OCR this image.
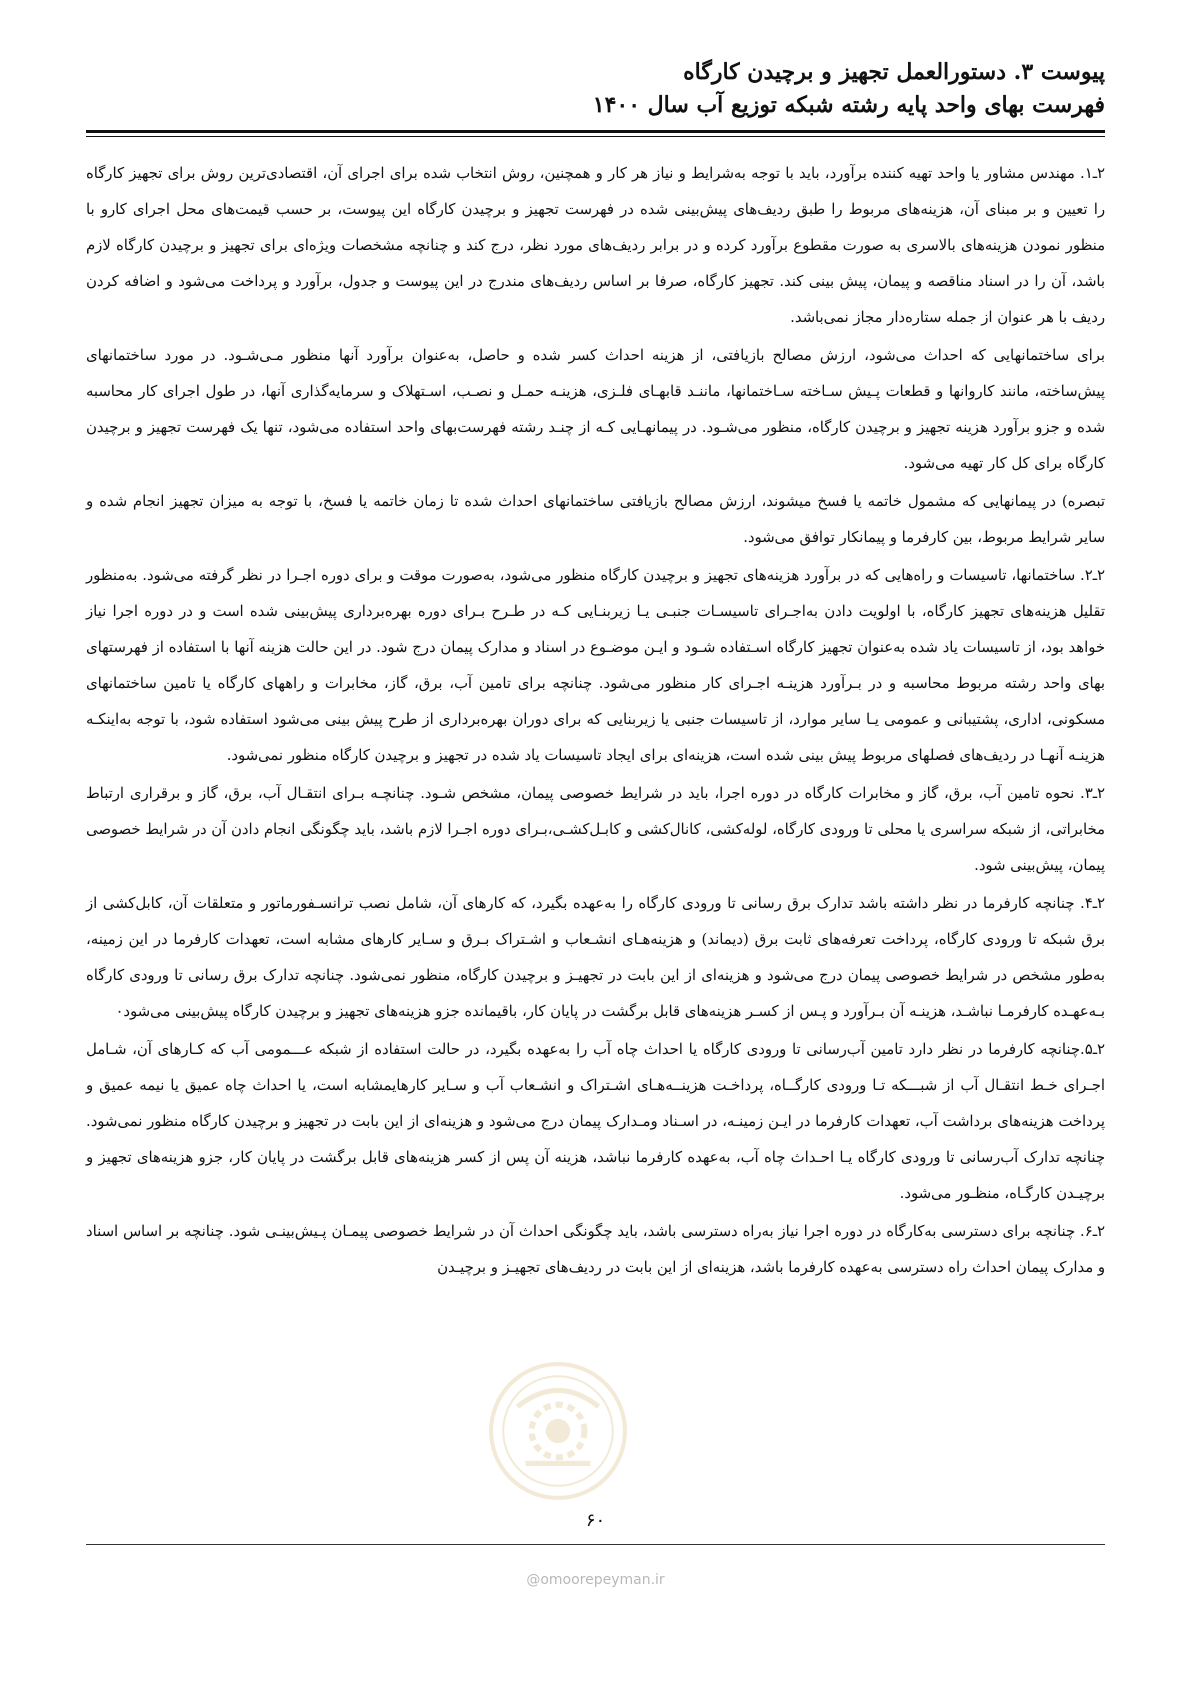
پیوست ۳. دستورالعمل تجهیز و برچیدن کارگاه
فهرست بهای واحد پایه رشته شبکه توزیع آب سال ۱۴۰۰

۲ـ۱. مهندس مشاور یا واحد تهیه کننده برآورد، باید با توجه به‌شرایط و نیاز هر کار و همچنین، روش انتخاب شده برای اجرای آن، اقتصادی‌ترین روش برای تجهیز کارگاه را تعیین و بر مبنای آن، هزینه‌های مربوط را طبق ردیف‌های پیش‌بینی شده در فهرست تجهیز و برچیدن کارگاه این پیوست، بر حسب قیمت‌های محل اجرای کارو با منظور نمودن هزینه‌های بالاسری به صورت مقطوع برآورد کرده و در برابر ردیف‌های مورد نظر، درج کند و چنانچه مشخصات ویژه‌ای برای تجهیز و برچیدن کارگاه لازم باشد، آن را در اسناد مناقصه و پیمان، پیش بینی کند. تجهیز کارگاه، صرفا بر اساس ردیف‌های مندرج در این پیوست و جدول، برآورد و پرداخت می‌شود و اضافه کردن ردیف با هر عنوان از جمله ستاره‌دار مجاز نمی‌باشد.

برای ساختمانهایی که احداث می‌شود، ارزش مصالح بازیافتی، از هزینه احداث کسر شده و حاصل، به‌عنوان برآورد آنها منظور مـی‌شـود. در مورد ساختمانهای پیش‌ساخته، مانند کاروانها و قطعات پـیش سـاخته سـاختمانها، ماننـد قابهـای فلـزی، هزینـه حمـل و نصـب، اسـتهلاک و سرمایه‌گذاری آنها، در طول اجرای کار محاسبه شده و جزو برآورد هزینه تجهیز و برچیدن کارگاه، منظور می‌شـود. در پیمانهـایی کـه از چنـد رشته فهرست‌بهای واحد استفاده می‌شود، تنها یک فهرست تجهیز و برچیدن کارگاه برای کل کار تهیه می‌شود.

تبصره) در پیمانهایی که مشمول خاتمه یا فسخ میشوند، ارزش مصالح بازیافتی ساختمانهای احداث شده تا زمان خاتمه یا فسخ، با توجه به میزان تجهیز انجام شده و سایر شرایط مربوط، بین کارفرما و پیمانکار توافق می‌شود.

۲ـ۲. ساختمانها، تاسیسات و راه‌هایی که در برآورد هزینه‌های تجهیز و برچیدن کارگاه منظور می‌شود، به‌صورت موقت و برای دوره اجـرا در نظر گرفته می‌شود. به‌منظور تقلیل هزینه‌های تجهیز کارگاه، با اولویت دادن به‌اجـرای تاسیسـات جنبـی یـا زیربنـایی کـه در طـرح بـرای دوره بهره‌برداری پیش‌بینی شده است و در دوره اجرا نیاز خواهد بود، از تاسیسات یاد شده به‌عنوان تجهیز کارگاه اسـتفاده شـود و ایـن موضـوع در اسناد و مدارک پیمان درج شود. در این حالت هزینه آنها با استفاده از فهرستهای بهای واحد رشته مربوط محاسبه و در بـرآورد هزینـه اجـرای کار منظور می‌شود. چنانچه برای تامین آب، برق، گاز، مخابرات و راههای کارگاه یا تامین ساختمانهای مسکونی، اداری، پشتیبانی و عمومی یـا سایر موارد، از تاسیسات جنبی یا زیربنایی که برای دوران بهره‌برداری از طرح پیش بینی می‌شود استفاده شود، با توجه به‌اینکـه هزینـه آنهـا در ردیف‌های فصلهای مربوط پیش بینی شده است، هزینه‌ای برای ایجاد تاسیسات یاد شده در تجهیز و برچیدن کارگاه منظور نمی‌شود.

۲ـ۳. نحوه تامین آب، برق، گاز و مخابرات کارگاه در دوره اجرا، باید در شرایط خصوصی پیمان، مشخص شـود. چنانچـه بـرای انتقـال آب، برق، گاز و برقراری ارتباط مخابراتی، از شبکه سراسری یا محلی تا ورودی کارگاه، لوله‌کشی، کانال‌کشی و کابـل‌کشـی،بـرای دوره اجـرا لازم باشد، باید چگونگی انجام دادن آن در شرایط خصوصی پیمان، پیش‌بینی شود.

۲ـ۴. چنانچه کارفرما در نظر داشته باشد تدارک برق رسانی تا ورودی کارگاه را به‌عهده بگیرد، که کارهای آن، شامل نصب ترانسـفورماتور و متعلقات آن، کابل‌کشی از برق شبکه تا ورودی کارگاه، پرداخت تعرفه‌های ثابت برق (دیماند) و هزینه‌هـای انشـعاب و اشـتراک بـرق و سـایر کارهای مشابه است، تعهدات کارفرما در این زمینه، به‌طور مشخص در شرایط خصوصی پیمان درج می‌شود و هزینه‌ای از این بابت در تجهیـز و برچیدن کارگاه، منظور نمی‌شود. چنانچه تدارک برق رسانی تا ورودی کارگاه بـه‌عهـده کارفرمـا نباشـد، هزینـه آن بـرآورد و پـس از کسـر هزینه‌های قابل برگشت در پایان کار، باقیمانده جزو هزینه‌های تجهیز و برچیدن کارگاه پیش‌بینی می‌شود۰

۲ـ۵.چنانچه کارفرما در نظر دارد تامین آب‌رسانی تا ورودی کارگاه یا احداث چاه آب را به‌عهده بگیرد، در حالت استفاده از شبکه عـــمومی آب که کـارهای آن، شـامل اجـرای خـط انتقـال آب از شبـــکه تـا ورودی کارگــاه، پرداخـت هزینــه‌هـای اشـتراک و انشـعاب آب و سـایر کارهایمشابه است، یا احداث چاه عمیق یا نیمه عمیق و پرداخت هزینه‌های برداشت آب، تعهدات کارفرما در ایـن زمینـه، در اسـناد ومـدارک پیمان درج می‌شود و هزینه‌ای از این بابت در تجهیز و برچیدن کارگاه منظور نمی‌شود. چنانچه تدارک آب‌رسانی تا ورودی کارگاه یـا احـداث چاه آب، به‌عهده کارفرما نباشد، هزینه آن پس از کسر هزینه‌های قابل برگشت در پایان کار، جزو هزینه‌های تجهیز و برچیـدن کارگـاه، منظـور می‌شود.

۲ـ۶. چنانچه برای دسترسی به‌کارگاه در دوره اجرا نیاز به‌راه دسترسی باشد، باید چگونگی احداث آن در شرایط خصوصی پیمـان پـیش‌بینـی شود. چنانچه بر اساس اسناد و مدارک پیمان احداث راه دسترسی به‌عهده کارفرما باشد، هزینه‌ای از این بابت در ردیف‌های تجهیـز و برچیـدن

۶۰
@omoorepeyman.ir
